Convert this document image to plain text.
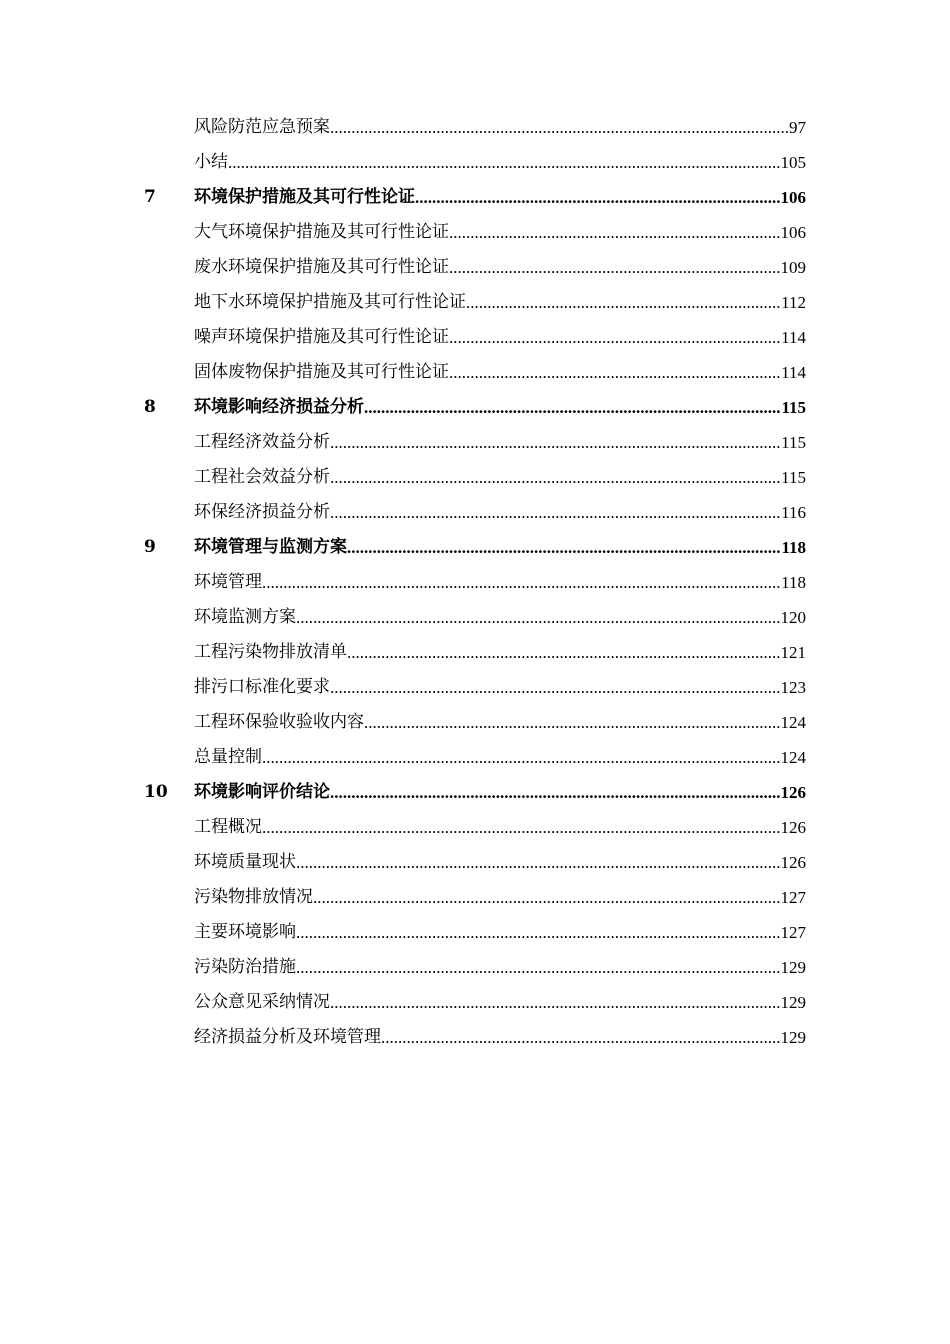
风险防范应急预案 .....	97
小结 .....	105
7	环境保护措施及其可行性论证 .....	106
大气环境保护措施及其可行性论证 .....	106
废水环境保护措施及其可行性论证 .....	109
地下水环境保护措施及其可行性论证 .....	112
噪声环境保护措施及其可行性论证 .....	114
固体废物保护措施及其可行性论证 .....	114
8	环境影响经济损益分析 .....	115
工程经济效益分析 .....	115
工程社会效益分析 .....	115
环保经济损益分析 .....	116
9	环境管理与监测方案 .....	118
环境管理 .....	118
环境监测方案 .....	120
工程污染物排放清单 .....	121
排污口标准化要求 .....	123
工程环保验收验收内容 .....	124
总量控制 .....	124
10	环境影响评价结论 .....	126
工程概况 .....	126
环境质量现状 .....	126
污染物排放情况 .....	127
主要环境影响 .....	127
污染防治措施 .....	129
公众意见采纳情况 .....	129
经济损益分析及环境管理 .....	129
